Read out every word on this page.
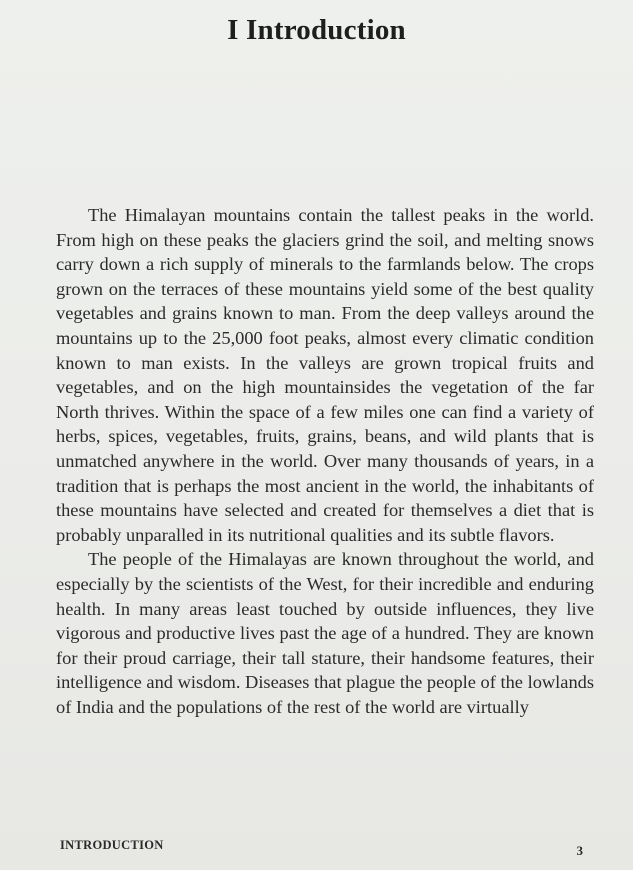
I Introduction

The Himalayan mountains contain the tallest peaks in the world. From high on these peaks the glaciers grind the soil, and melting snows carry down a rich supply of minerals to the farmlands below. The crops grown on the terraces of these mountains yield some of the best quality vegetables and grains known to man. From the deep valleys around the mountains up to the 25,000 foot peaks, almost every climatic condition known to man exists. In the valleys are grown tropical fruits and vegetables, and on the high mountainsides the vegetation of the far North thrives. Within the space of a few miles one can find a variety of herbs, spices, vegetables, fruits, grains, beans, and wild plants that is unmatched anywhere in the world. Over many thousands of years, in a tradition that is perhaps the most ancient in the world, the inhabitants of these mountains have selected and created for themselves a diet that is probably unparalled in its nutritional qualities and its subtle flavors.

The people of the Himalayas are known throughout the world, and especially by the scientists of the West, for their incredible and enduring health. In many areas least touched by outside influences, they live vigorous and productive lives past the age of a hundred. They are known for their proud carriage, their tall stature, their handsome features, their intelligence and wisdom. Diseases that plague the people of the lowlands of India and the populations of the rest of the world are virtually

INTRODUCTION	3
